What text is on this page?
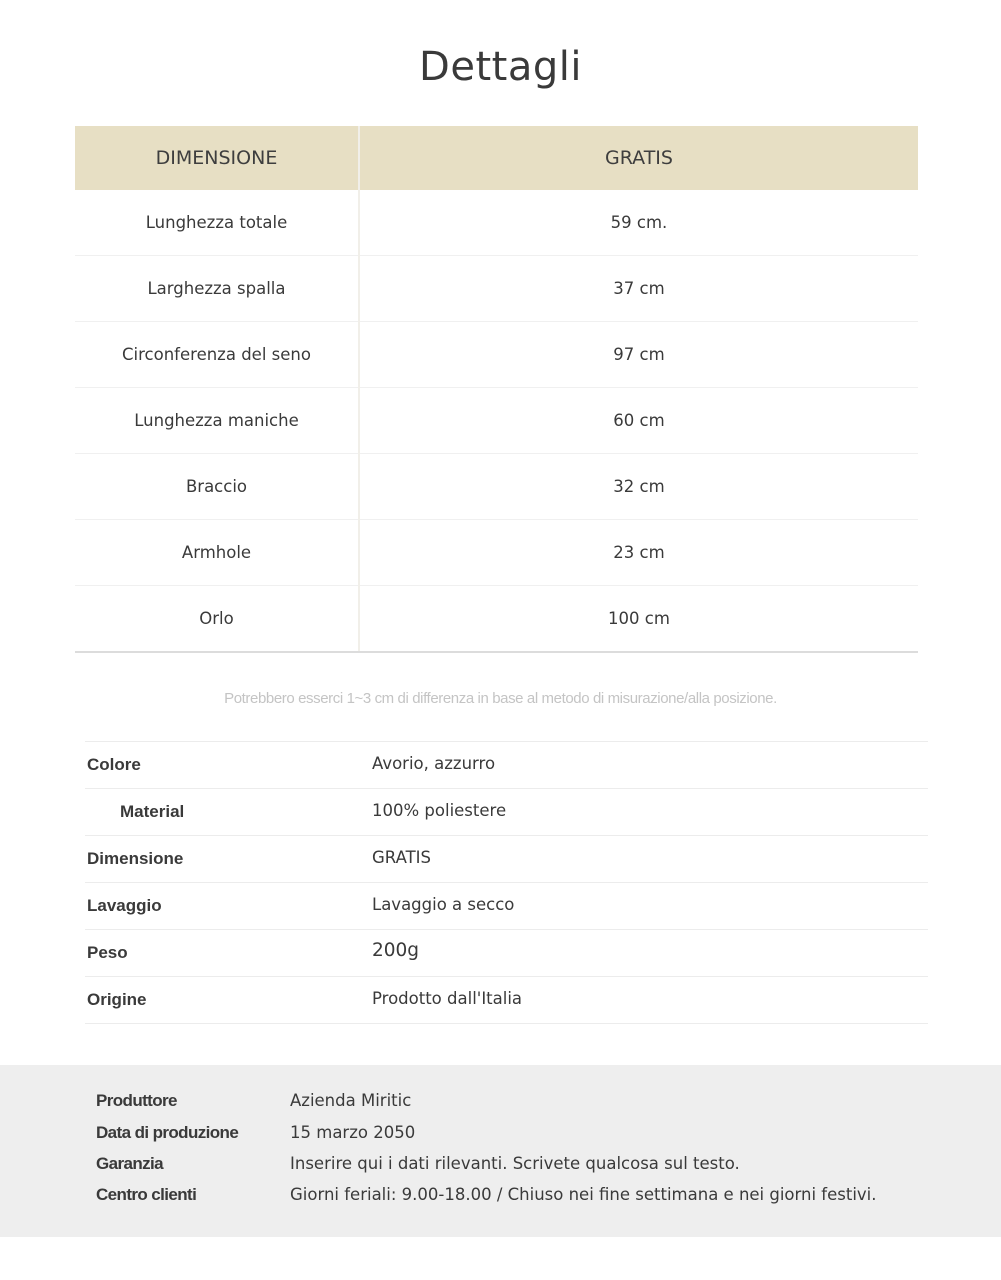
Dettagli
DIMENSIONE	GRATIS
Lunghezza totale	59 cm.
Larghezza spalla	37 cm
Circonferenza del seno	97 cm
Lunghezza maniche	60 cm
Braccio	32 cm
Armhole	23 cm
Orlo	100 cm
Potrebbero esserci 1~3 cm di differenza in base al metodo di misurazione/alla posizione.
Colore	Avorio, azzurro
Material	100% poliestere
Dimensione	GRATIS
Lavaggio	Lavaggio a secco
Peso	200g
Origine	Prodotto dall'Italia
Produttore	Azienda Miritic
Data di produzione	15 marzo 2050
Garanzia	Inserire qui i dati rilevanti. Scrivete qualcosa sul testo.
Centro clienti	Giorni feriali: 9.00-18.00 / Chiuso nei fine settimana e nei giorni festivi.
